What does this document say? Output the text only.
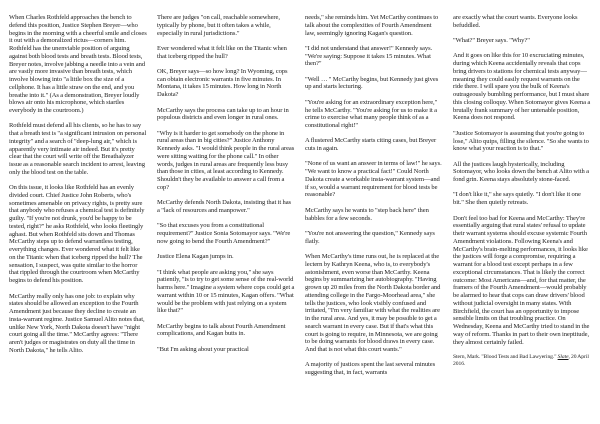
When Charles Rothfeld approaches the bench to defend this position, Justice Stephen Breyer—who begins in the morning with a cheerful smile and closes it out with a demoralized rictus—corners him. Rothfeld has the unenviable position of arguing against both blood tests and breath tests. Blood tests, Breyer notes, involve jabbing a needle into a vein and are vastly more invasive than breath tests, which involve blowing into "a little box the size of a cellphone. It has a little straw on the end, and you breathe into it." (As a demonstration, Breyer loudly blows air onto his microphone, which startles everybody in the courtroom.)

Rothfeld must defend all his clients, so he has to say that a breath test is "a significant intrusion on personal integrity" and a search of "deep-lung air," which is apparently very intimate air indeed. But it's pretty clear that the court will write off the Breathalyzer issue as a reasonable search incident to arrest, leaving only the blood test on the table.

On this issue, it looks like Rothfeld has an evenly divided court. Chief Justice John Roberts, who's sometimes amenable on privacy rights, is pretty sure that anybody who refuses a chemical test is definitely guilty. "If you're not drunk, you'd be happy to be tested, right?" he asks Rothfeld, who looks fleetingly aghast. But when Rothfeld sits down and Thomas McCarthy steps up to defend warrantless testing, everything changes. Ever wondered what it felt like on the Titanic when that iceberg ripped the hull? The sensation, I suspect, was quite similar to the horror that rippled through the courtroom when McCarthy begins to defend his position.

McCarthy really only has one job: to explain why states should be allowed an exception to the Fourth Amendment just because they decline to create an insta-warrant regime. Justice Samuel Alito notes that, unlike New York, North Dakota doesn't have "night court going all the time." McCarthy agrees: "There aren't judges or magistrates on duty all the time in North Dakota," he tells Alito.

There are judges "on call, reachable somewhere, typically by phone, but it often takes a while, especially in rural jurisdictions."

Ever wondered what it felt like on the Titanic when that iceberg ripped the hull?

OK, Breyer says—so how long? In Wyoming, cops can obtain electronic warrants in five minutes. In Montana, it takes 15 minutes. How long in North Dakota?

McCarthy says the process can take up to an hour in populous districts and even longer in rural ones.

"Why is it harder to get somebody on the phone in rural areas than in big cities?" Justice Anthony Kennedy asks. "I would think people in the rural areas were sitting waiting for the phone call." In other words, judges in rural areas are frequently less busy than those in cities, at least according to Kennedy. Shouldn't they be available to answer a call from a cop?

McCarthy defends North Dakota, insisting that it has a "lack of resources and manpower."

"So that excuses you from a constitutional requirement?" Justice Sonia Sotomayor says. "We're now going to bend the Fourth Amendment?"

Justice Elena Kagan jumps in.

"I think what people are asking you," she says patiently, "is to try to get some sense of the real-world harms here." Imagine a system where cops could get a warrant within 10 or 15 minutes, Kagan offers. "What would be the problem with just relying on a system like that?"

McCarthy begins to talk about Fourth Amendment complications, and Kagan butts in.

"But I'm asking about your practical

needs," she reminds him. Yet McCarthy continues to talk about the complexities of Fourth Amendment law, seemingly ignoring Kagan's question.

"I did not understand that answer!" Kennedy says. "We're saying: Suppose it takes 15 minutes. What then?"

"Well … " McCarthy begins, but Kennedy just gives up and starts lecturing.

"You're asking for an extraordinary exception here," he tells McCarthy. "You're asking for us to make it a crime to exercise what many people think of as a constitutional right!"

A flustered McCarthy starts citing cases, but Breyer cuts in again.

"None of us want an answer in terms of law!" he says. "We want to know a practical fact!" Could North Dakota create a workable insta-warrant system—and if so, would a warrant requirement for blood tests be reasonable?

McCarthy says he wants to "step back here" then babbles for a few seconds.

"You're not answering the question," Kennedy says flatly.

When McCarthy's time runs out, he is replaced at the lectern by Kathryn Keena, who is, to everybody's astonishment, even worse than McCarthy. Keena begins by summarizing her autobiography. "Having grown up 20 miles from the North Dakota border and attending college in the Fargo-Moorhead area," she tells the justices, who look visibly confused and irritated, "I'm very familiar with what the realities are in the rural area. And yes, it may be possible to get a search warrant in every case. But if that's what this court is going to require, in Minnesota, we are going to be doing warrants for blood draws in every case. And that is not what this court wants."

A majority of justices spent the last several minutes suggesting that, in fact, warrants

are exactly what the court wants. Everyone looks befuddled.

"What?" Breyer says. "Why?"

And it goes on like this for 10 excruciating minutes, during which Keena accidentally reveals that cops bring drivers to stations for chemical tests anyway—meaning they could easily request warrants on the ride there. I will spare you the bulk of Keena's outrageously bumbling performance, but I must share this closing colloquy. When Sotomayor gives Keena a brutally frank summary of her untenable position, Keena does not respond.

"Justice Sotomayor is assuming that you're going to lose," Alito quips, filling the silence. "So she wants to know what your reaction is to that."

All the justices laugh hysterically, including Sotomayor, who looks down the bench at Alito with a fond grin. Keena stays absolutely stone-faced.

"I don't like it," she says quietly. "I don't like it one bit." She then quietly retreats.

Don't feel too bad for Keena and McCarthy: They're essentially arguing that rural states' refusal to update their warrant systems should excuse systemic Fourth Amendment violations. Following Keena's and McCarthy's brain-melting performances, it looks like the justices will forge a compromise, requiring a warrant for a blood test except perhaps in a few exceptional circumstances. That is likely the correct outcome: Most Americans—and, for that matter, the framers of the Fourth Amendment—would probably be alarmed to hear that cops can draw drivers' blood without judicial oversight in many states. With Birchfield, the court has an opportunity to impose sensible limits on that troubling practice. On Wednesday, Keena and McCarthy tried to stand in the way of reform. Thanks in part to their own ineptitude, they almost certainly failed.

Stern, Mark. "Blood Tests and Bad Lawyering." Slate, 20 April 2016.
